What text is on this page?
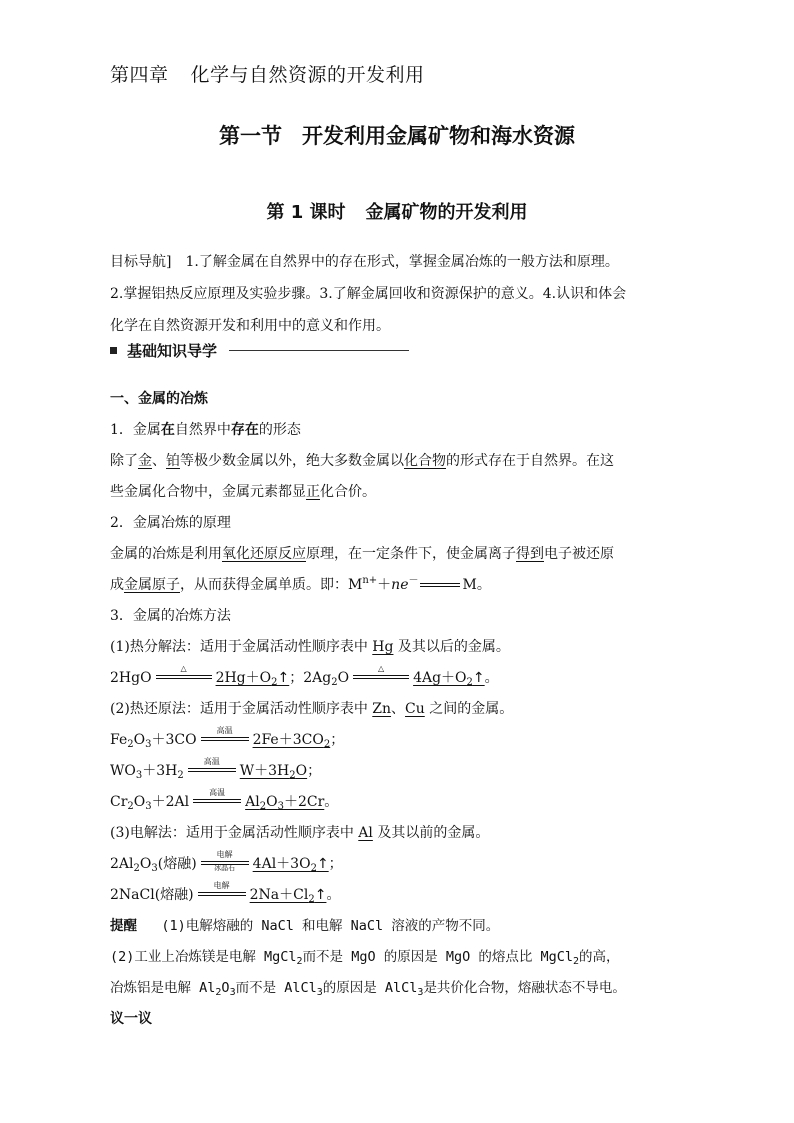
第四章 化学与自然资源的开发利用
第一节 开发利用金属矿物和海水资源
第 1 课时 金属矿物的开发利用
目标导航] 1.了解金属在自然界中的存在形式，掌握金属冶炼的一般方法和原理。
2.掌握铝热反应原理及实验步骤。3.了解金属回收和资源保护的意义。4.认识和体会
化学在自然资源开发和利用中的意义和作用。
基础知识导学
一、金属的冶炼
1．金属在自然界中存在的形态
除了金、铂等极少数金属以外，绝大多数金属以化合物的形式存在于自然界。在这
些金属化合物中，金属元素都显正化合价。
2．金属冶炼的原理
金属的冶炼是利用氧化还原反应原理，在一定条件下，使金属离子得到电子被还原
成金属原子，从而获得金属单质。即：$M^{n+}+ne^-$	M。
3．金属的冶炼方法
(1)热分解法：适用于金属活动性顺序表中 Hg 及其以后的金属。
2HgO
△
$2Hg+O_2↑$；$2Ag_2O$
△
$4Ag+O_2↑$。
(2)热还原法：适用于金属活动性顺序表中 Zn、Cu 之间的金属。
$Fe_2O_3+3CO$
高温
$2Fe+3CO_2$；
$WO_3+3H_2$
高温
$W+3H_2O$；
$Cr_2O_3+2Al$
高温
$Al_2O_3+2Cr$。
(3)电解法：适用于金属活动性顺序表中 Al 及其以前的金属。
$2Al_2O_3$(熔融)
电解
冰晶石 $4Al+3O_2↑$；
2NaCl(熔融)
电解
$2Na+Cl_2↑$。
提醒 (1)电解熔融的 NaCl 和电解 NaCl 溶液的产物不同。
(2)工业上冶炼镁是电解 MgCl$_2$而不是 MgO 的原因是 MgO 的熔点比 MgCl$_2$的高，
冶炼铝是电解 $Al_2O_3$而不是 AlCl$_3$的原因是 AlCl$_3$是共价化合物，熔融状态不导电。
议一议
